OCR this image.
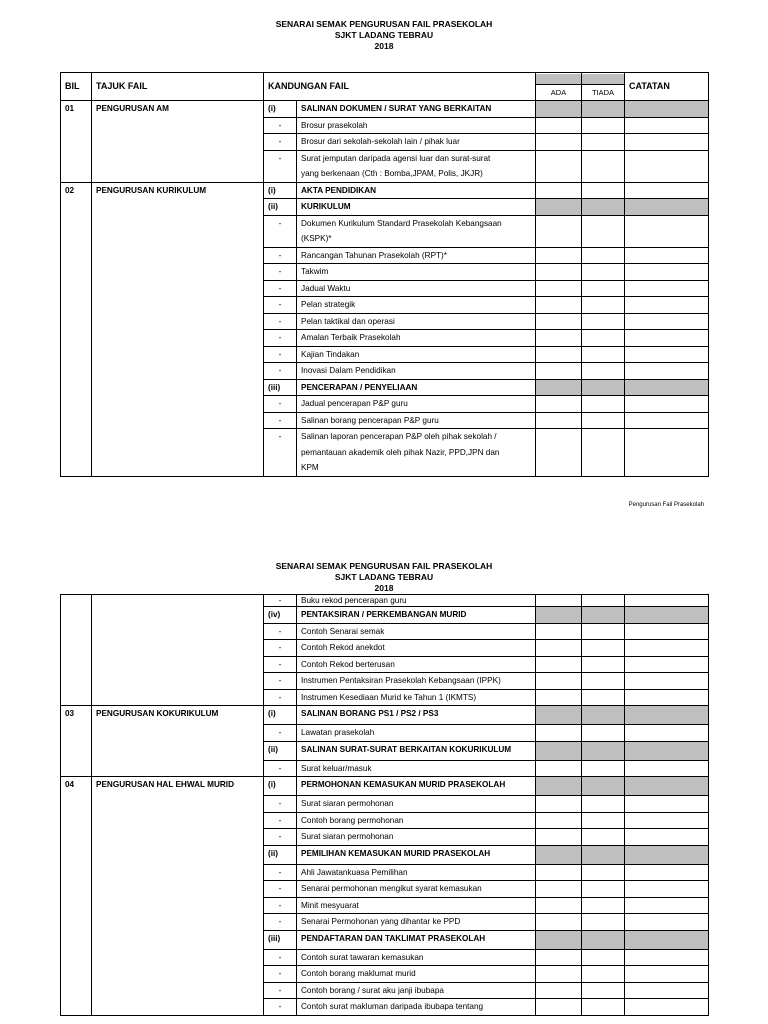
SENARAI SEMAK PENGURUSAN FAIL PRASEKOLAH
SJKT LADANG TEBRAU
2018
BIL	TAJUK FAIL	KANDUNGAN FAIL		ADA	TIADA	CATATAN
01	PENGURUSAN AM	(i)	SALINAN DOKUMEN / SURAT YANG BERKAITAN			
		-	Brosur prasekolah			
		-	Brosur dari sekolah-sekolah lain / pihak luar			
		-	Surat jemputan daripada agensi luar dan surat-surat
yang berkenaan (Cth : Bomba,JPAM, Polis, JKJR)			

02	PENGURUSAN KURIKULUM	(i)	AKTA PENDIDIKAN			
		(ii)	KURIKULUM			
		-	Dokumen Kurikulum Standard Prasekolah Kebangsaan
(KSPK)*			

		-	Rancangan Tahunan Prasekolah (RPT)*			
		-	Takwim			
		-	Jadual Waktu			
		-	Pelan strategik			
		-	Pelan taktikal dan operasi			
		-	Amalan Terbaik Prasekolah			
		-	Kajian Tindakan			
		-	Inovasi Dalam Pendidikan			
		(iii)	PENCERAPAN / PENYELIAAN			
		-	Jadual pencerapan P&P guru			
		-	Salinan borang pencerapan P&P guru			
		-	Salinan laporan pencerapan P&P oleh pihak sekolah /
pemantauan akademik oleh pihak Nazir, PPD,JPN dan
KPM			

Pengurusan Fail Prasekolah
SENARAI SEMAK PENGURUSAN FAIL PRASEKOLAH
SJKT LADANG TEBRAU
2018
		-	Buku rekod pencerapan guru			
		(iv)	PENTAKSIRAN / PERKEMBANGAN MURID			
		-	Contoh Senarai semak			
		-	Contoh Rekod anekdot			
		-	Contoh Rekod berterusan			
		-	Instrumen Pentaksiran Prasekolah Kebangsaan (IPPK)			
		-	Instrumen Kesediaan Murid ke Tahun 1 (IKMTS)			
03	PENGURUSAN KOKURIKULUM	(i)	SALINAN BORANG PS1 / PS2 / PS3			
		-	Lawatan prasekolah			
		(ii)	SALINAN SURAT-SURAT BERKAITAN KOKURIKULUM			
		-	Surat keluar/masuk			
04	PENGURUSAN HAL EHWAL MURID	(i)	PERMOHONAN KEMASUKAN MURID PRASEKOLAH			
		-	Surat siaran permohonan			
		-	Contoh borang permohonan			
		-	Surat siaran permohonan			
		(ii)	PEMILIHAN KEMASUKAN MURID PRASEKOLAH			
		-	Ahli Jawatankuasa Pemilihan			
		-	Senarai permohonan mengikut syarat kemasukan			
		-	Minit mesyuarat			
		-	Senarai Permohonan yang dihantar ke PPD			
		(iii)	PENDAFTARAN DAN TAKLIMAT PRASEKOLAH			
		-	Contoh surat tawaran kemasukan			
		-	Contoh borang maklumat murid			
		-	Contoh borang / surat aku janji ibubapa			
		-	Contoh surat makluman daripada ibubapa tentang			
